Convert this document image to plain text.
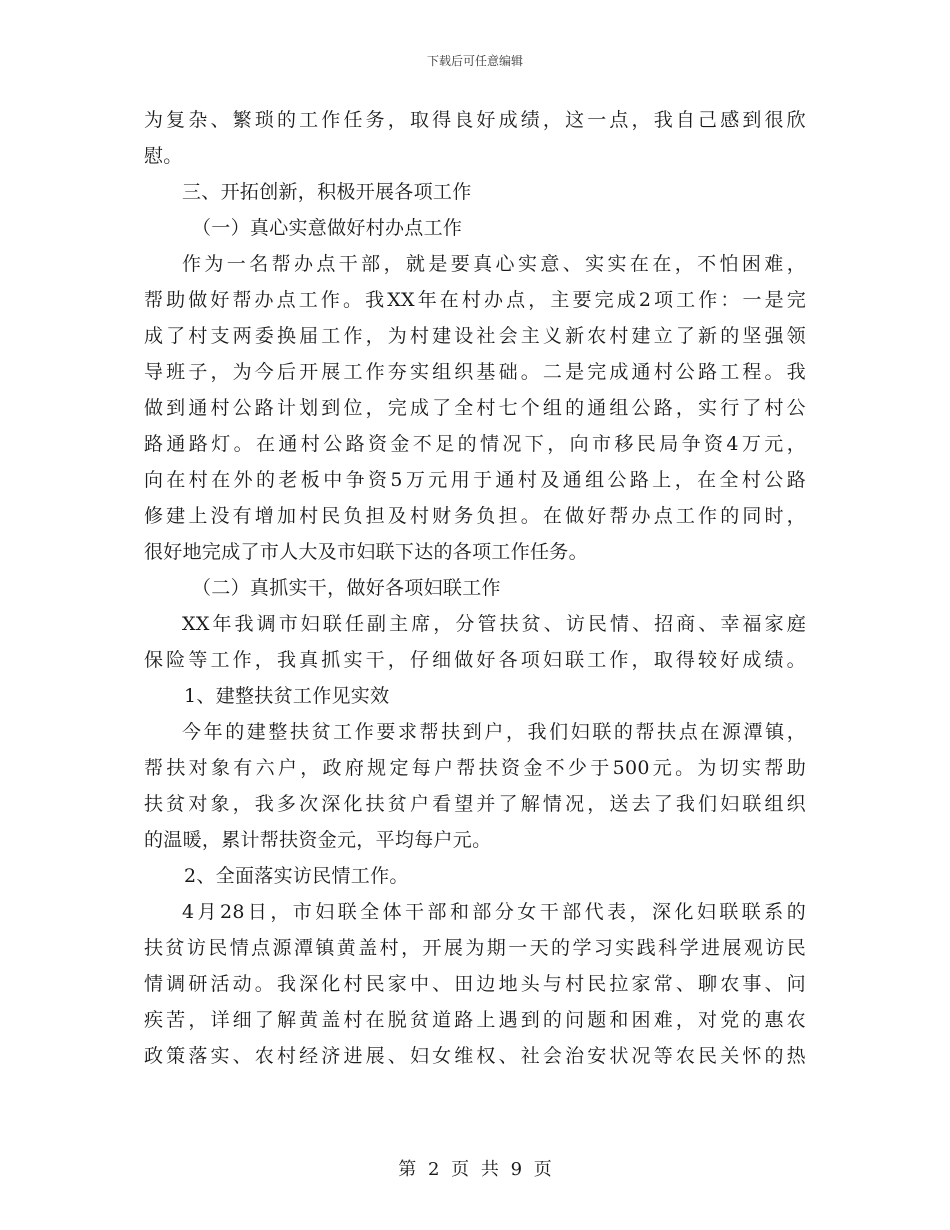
下载后可任意编辑
为复杂、繁琐的工作任务，取得良好成绩，这一点，我自己感到很欣
慰。
三、开拓创新，积极开展各项工作
（一）真心实意做好村办点工作
作为一名帮办点干部，就是要真心实意、实实在在，不怕困难，
帮助做好帮办点工作。我XX年在村办点，主要完成2项工作：一是完
成了村支两委换届工作，为村建设社会主义新农村建立了新的坚强领
导班子，为今后开展工作夯实组织基础。二是完成通村公路工程。我
做到通村公路计划到位，完成了全村七个组的通组公路，实行了村公
路通路灯。在通村公路资金不足的情况下，向市移民局争资4万元，
向在村在外的老板中争资5万元用于通村及通组公路上，在全村公路
修建上没有增加村民负担及村财务负担。在做好帮办点工作的同时，
很好地完成了市人大及市妇联下达的各项工作任务。
（二）真抓实干，做好各项妇联工作
XX年我调市妇联任副主席，分管扶贫、访民情、招商、幸福家庭
保险等工作，我真抓实干，仔细做好各项妇联工作，取得较好成绩。
1、建整扶贫工作见实效
今年的建整扶贫工作要求帮扶到户，我们妇联的帮扶点在源潭镇，
帮扶对象有六户，政府规定每户帮扶资金不少于500元。为切实帮助
扶贫对象，我多次深化扶贫户看望并了解情况，送去了我们妇联组织
的温暖，累计帮扶资金元，平均每户元。
2、全面落实访民情工作。
4月28日，市妇联全体干部和部分女干部代表，深化妇联联系的
扶贫访民情点源潭镇黄盖村，开展为期一天的学习实践科学进展观访民
情调研活动。我深化村民家中、田边地头与村民拉家常、聊农事、问
疾苦，详细了解黄盖村在脱贫道路上遇到的问题和困难，对党的惠农
政策落实、农村经济进展、妇女维权、社会治安状况等农民关怀的热
第 2 页 共 9 页
